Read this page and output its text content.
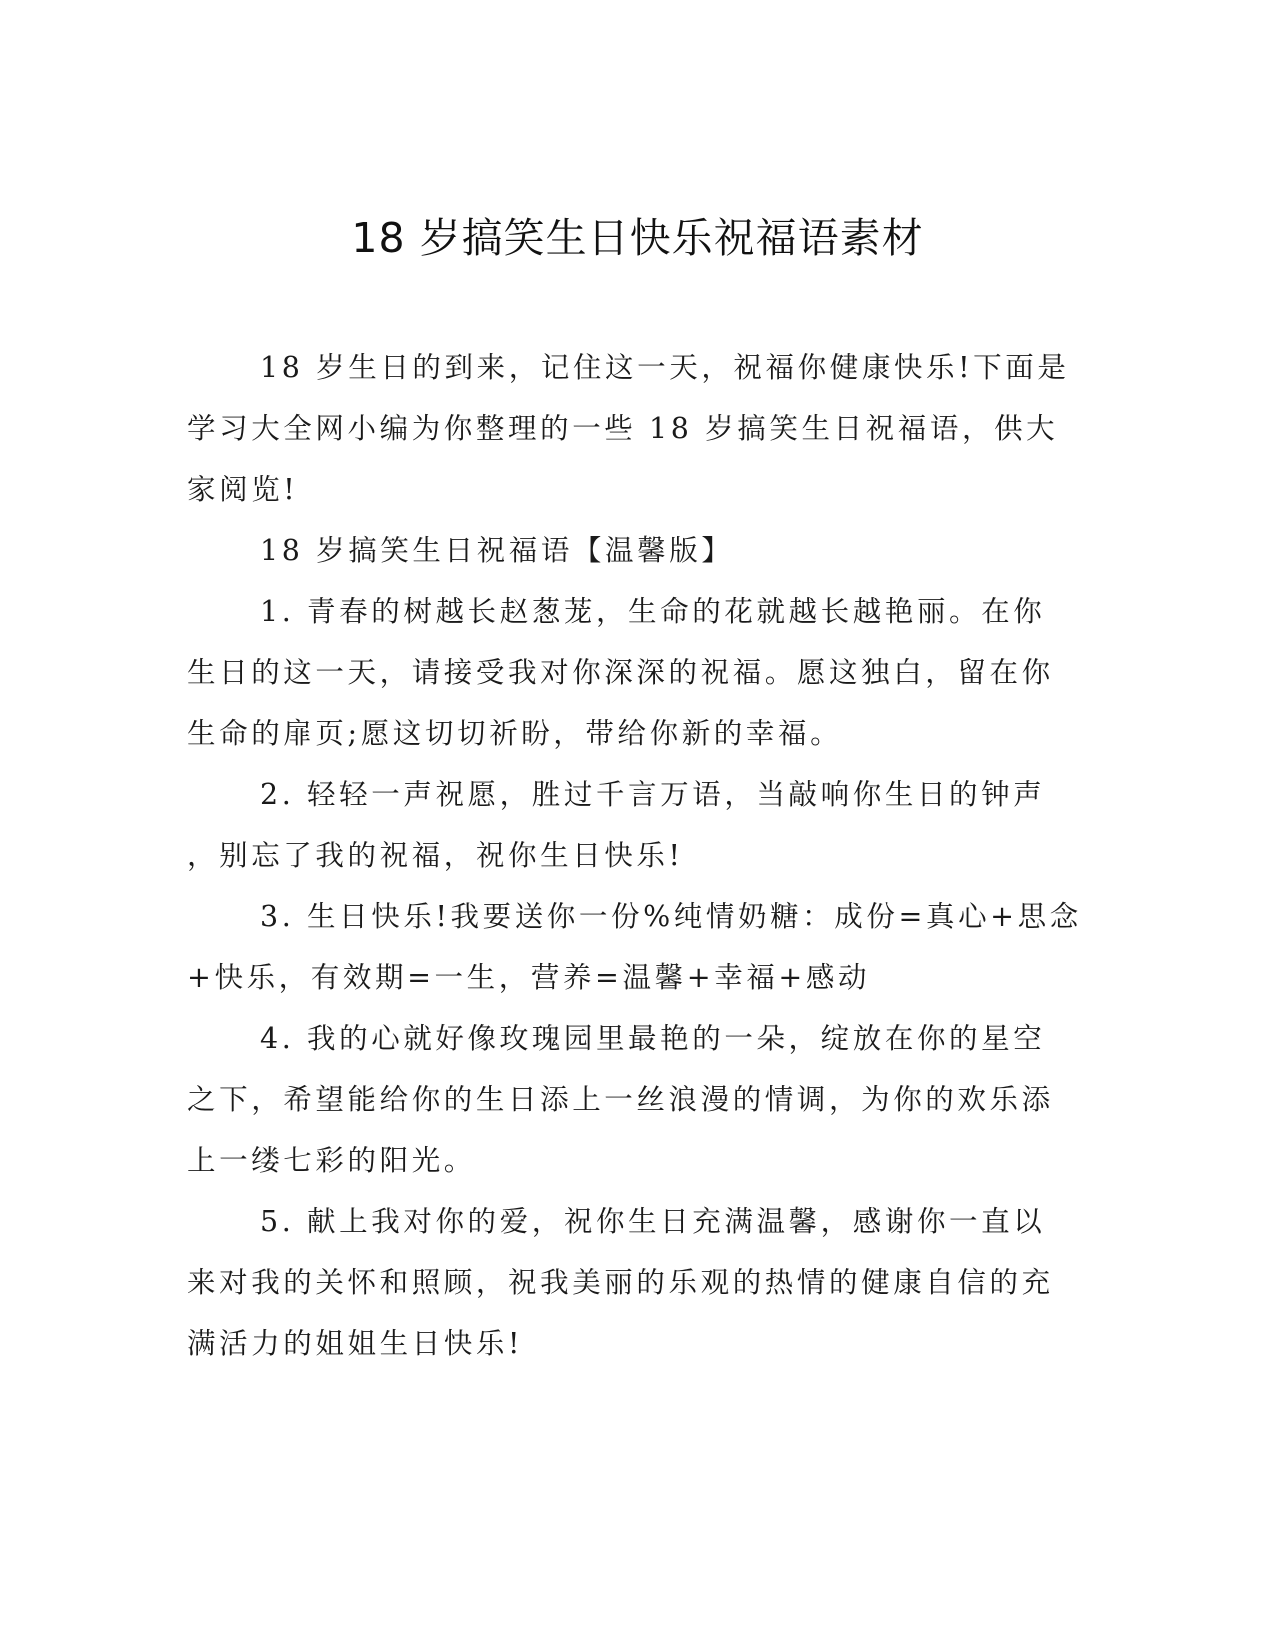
18 岁搞笑生日快乐祝福语素材
18 岁生日的到来，记住这一天，祝福你健康快乐!下面是
学习大全网小编为你整理的一些 18 岁搞笑生日祝福语，供大
家阅览!
18 岁搞笑生日祝福语【温馨版】
1. 青春的树越长赵葱茏，生命的花就越长越艳丽。在你
生日的这一天，请接受我对你深深的祝福。愿这独白，留在你
生命的扉页;愿这切切祈盼，带给你新的幸福。
2. 轻轻一声祝愿，胜过千言万语，当敲响你生日的钟声
，别忘了我的祝福，祝你生日快乐!
3. 生日快乐!我要送你一份%纯情奶糖：成份=真心+思念
+快乐，有效期=一生，营养=温馨+幸福+感动
4. 我的心就好像玫瑰园里最艳的一朵，绽放在你的星空
之下，希望能给你的生日添上一丝浪漫的情调，为你的欢乐添
上一缕七彩的阳光。
5. 献上我对你的爱，祝你生日充满温馨，感谢你一直以
来对我的关怀和照顾，祝我美丽的乐观的热情的健康自信的充
满活力的姐姐生日快乐!
